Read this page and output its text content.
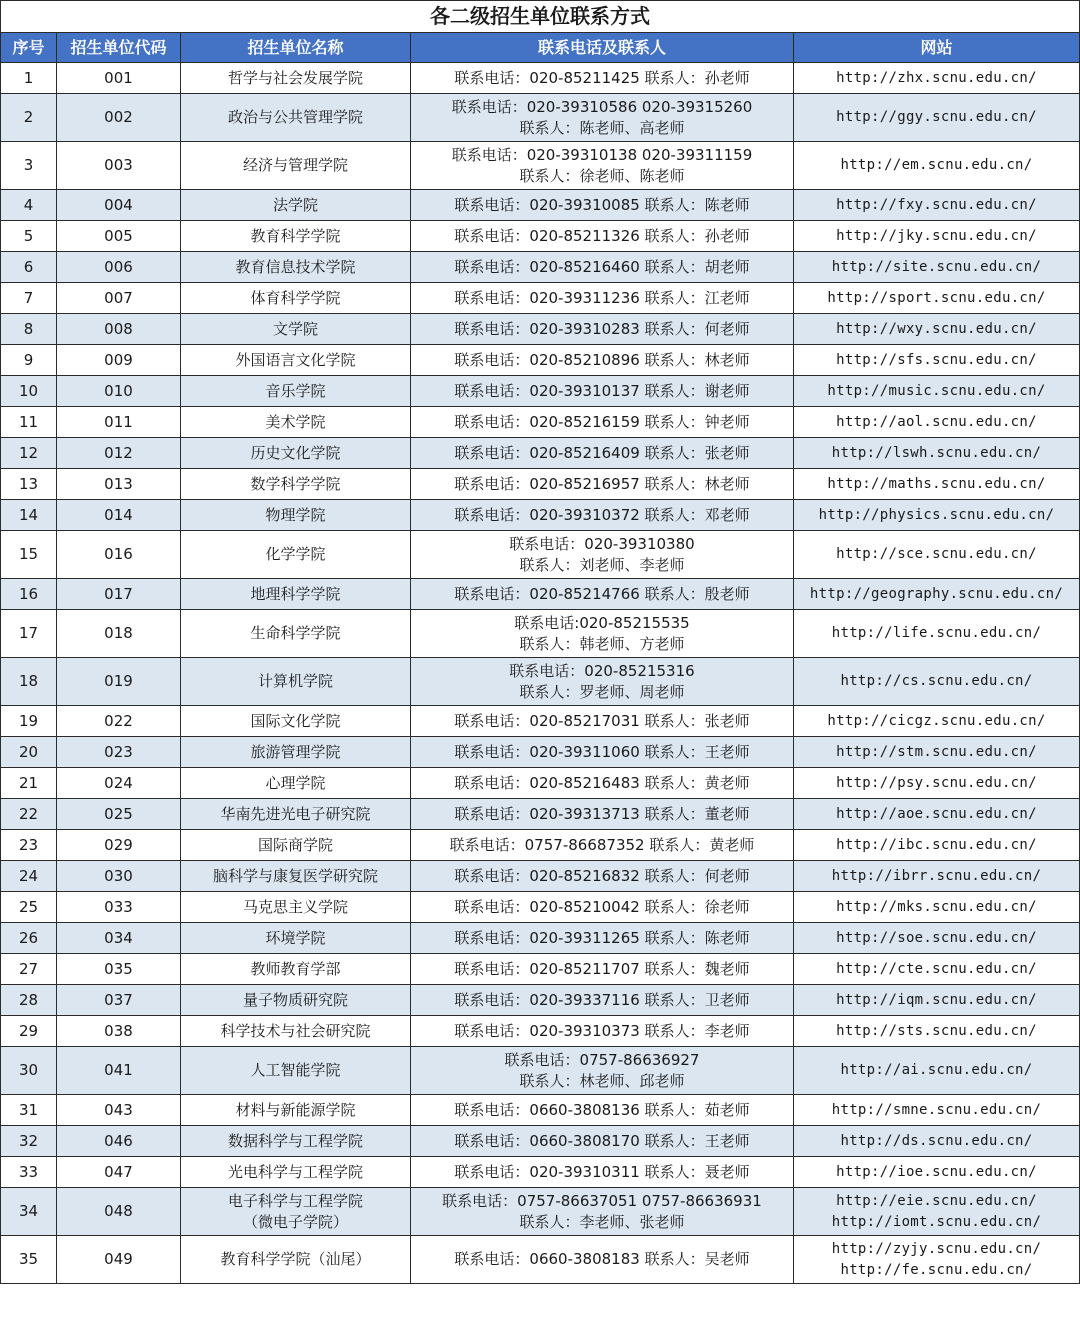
各二级招生单位联系方式				
序号	招生单位代码	招生单位名称	联系电话及联系人	网站
1	001	哲学与社会发展学院	联系电话：020-85211425 联系人：孙老师	http://zhx.scnu.edu.cn/

2	002	政治与公共管理学院	联系电话：020-39310586 020-39315260
联系人：陈老师、高老师	http://ggy.scnu.edu.cn/

3	003	经济与管理学院	联系电话：020-39310138 020-39311159
联系人：徐老师、陈老师	http://em.scnu.edu.cn/

4	004	法学院	联系电话：020-39310085 联系人：陈老师	http://fxy.scnu.edu.cn/

5	005	教育科学学院	联系电话：020-85211326 联系人：孙老师	http://jky.scnu.edu.cn/

6	006	教育信息技术学院	联系电话：020-85216460 联系人：胡老师	http://site.scnu.edu.cn/

7	007	体育科学学院	联系电话：020-39311236 联系人：江老师	http://sport.scnu.edu.cn/

8	008	文学院	联系电话：020-39310283 联系人：何老师	http://wxy.scnu.edu.cn/

9	009	外国语言文化学院	联系电话：020-85210896 联系人：林老师	http://sfs.scnu.edu.cn/

10	010	音乐学院	联系电话：020-39310137 联系人：谢老师	http://music.scnu.edu.cn/

11	011	美术学院	联系电话：020-85216159 联系人：钟老师	http://aol.scnu.edu.cn/

12	012	历史文化学院	联系电话：020-85216409 联系人：张老师	http://lswh.scnu.edu.cn/

13	013	数学科学学院	联系电话：020-85216957 联系人：林老师	http://maths.scnu.edu.cn/

14	014	物理学院	联系电话：020-39310372 联系人：邓老师	http://physics.scnu.edu.cn/

15	016	化学学院	联系电话：020-39310380
联系人：刘老师、李老师	http://sce.scnu.edu.cn/

16	017	地理科学学院	联系电话：020-85214766 联系人：殷老师	http://geography.scnu.edu.cn/

17	018	生命科学学院	联系电话:020-85215535
联系人：韩老师、方老师	http://life.scnu.edu.cn/

18	019	计算机学院	联系电话：020-85215316
联系人：罗老师、周老师	http://cs.scnu.edu.cn/

19	022	国际文化学院	联系电话：020-85217031 联系人：张老师	http://cicgz.scnu.edu.cn/

20	023	旅游管理学院	联系电话：020-39311060 联系人：王老师	http://stm.scnu.edu.cn/

21	024	心理学院	联系电话：020-85216483 联系人：黄老师	http://psy.scnu.edu.cn/

22	025	华南先进光电子研究院	联系电话：020-39313713 联系人：董老师	http://aoe.scnu.edu.cn/

23	029	国际商学院	联系电话：0757-86687352 联系人：黄老师	http://ibc.scnu.edu.cn/

24	030	脑科学与康复医学研究院	联系电话：020-85216832 联系人：何老师	http://ibrr.scnu.edu.cn/

25	033	马克思主义学院	联系电话：020-85210042 联系人：徐老师	http://mks.scnu.edu.cn/

26	034	环境学院	联系电话：020-39311265 联系人：陈老师	http://soe.scnu.edu.cn/

27	035	教师教育学部	联系电话：020-85211707 联系人：魏老师	http://cte.scnu.edu.cn/

28	037	量子物质研究院	联系电话：020-39337116 联系人：卫老师	http://iqm.scnu.edu.cn/

29	038	科学技术与社会研究院	联系电话：020-39310373 联系人：李老师	http://sts.scnu.edu.cn/

30	041	人工智能学院	联系电话：0757-86636927
联系人：林老师、邱老师	http://ai.scnu.edu.cn/

31	043	材料与新能源学院	联系电话：0660-3808136 联系人：茹老师	http://smne.scnu.edu.cn/

32	046	数据科学与工程学院	联系电话：0660-3808170 联系人：王老师	http://ds.scnu.edu.cn/

33	047	光电科学与工程学院	联系电话：020-39310311 联系人：聂老师	http://ioe.scnu.edu.cn/

34	048	电子科学与工程学院
（微电子学院）	联系电话：0757-86637051 0757-86636931
联系人：李老师、张老师	http://eie.scnu.edu.cn/
http://iomt.scnu.edu.cn/

35	049	教育科学学院（汕尾）	联系电话：0660-3808183 联系人：吴老师	http://zyjy.scnu.edu.cn/
http://fe.scnu.edu.cn/
